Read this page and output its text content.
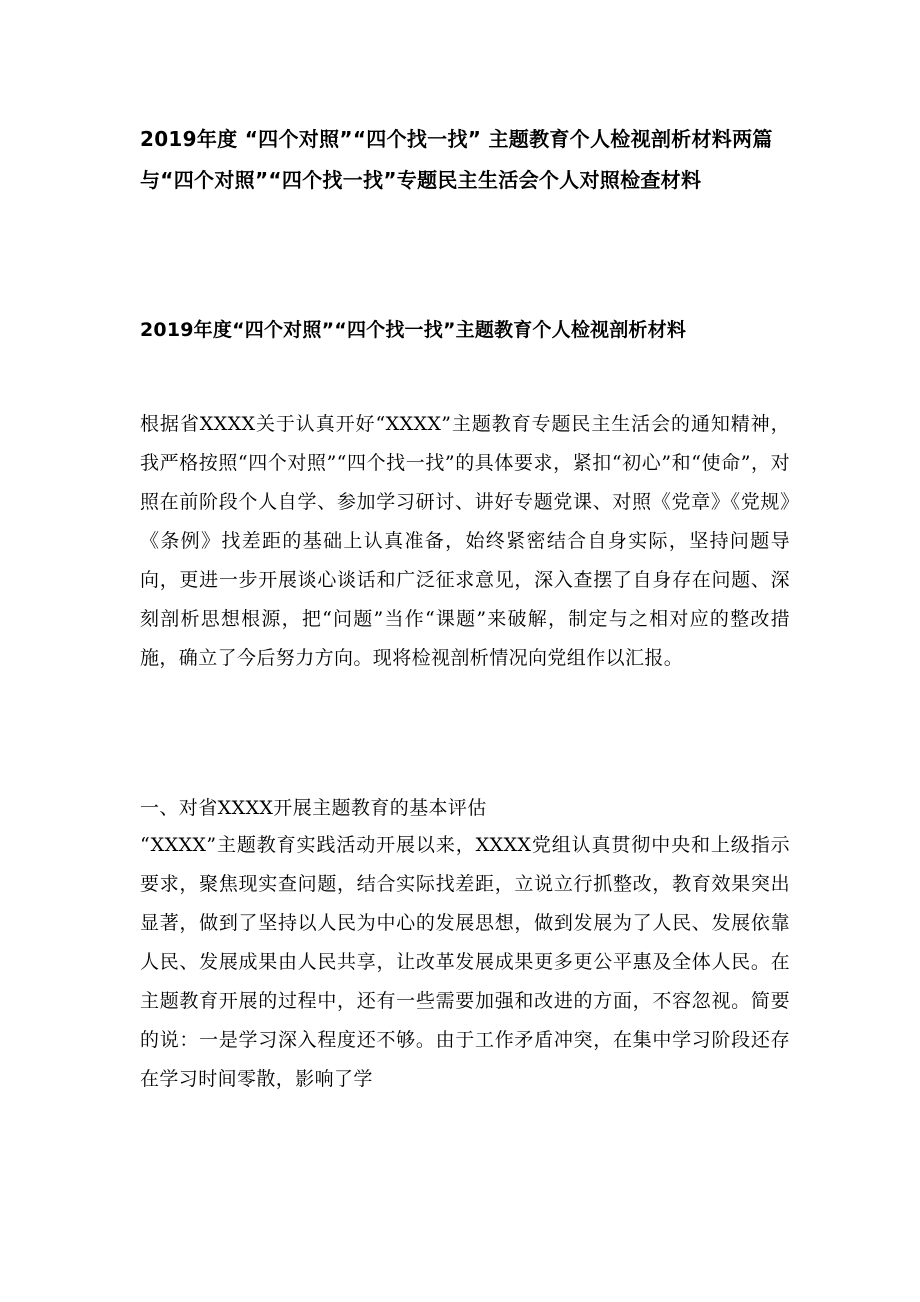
2019年度 “四个对照”“四个找一找” 主题教育个人检视剖析材料两篇与“四个对照”“四个找一找”专题民主生活会个人对照检查材料
2019年度“四个对照”“四个找一找”主题教育个人检视剖析材料

根据省XXXX关于认真开好“XXXX”主题教育专题民主生活会的通知精神，我严格按照“四个对照”“四个找一找”的具体要求，紧扣“初心”和“使命”，对照在前阶段个人自学、参加学习研讨、讲好专题党课、对照《党章》《党规》《条例》找差距的基础上认真准备，始终紧密结合自身实际，坚持问题导向，更进一步开展谈心谈话和广泛征求意见，深入查摆了自身存在问题、深刻剖析思想根源，把“问题”当作“课题”来破解，制定与之相对应的整改措施，确立了今后努力方向。现将检视剖析情况向党组作以汇报。

一、对省XXXX开展主题教育的基本评估

“XXXX”主题教育实践活动开展以来，XXXX党组认真贯彻中央和上级指示要求，聚焦现实查问题，结合实际找差距，立说立行抓整改，教育效果突出显著，做到了坚持以人民为中心的发展思想，做到发展为了人民、发展依靠人民、发展成果由人民共享，让改革发展成果更多更公平惠及全体人民。在主题教育开展的过程中，还有一些需要加强和改进的方面，不容忽视。简要的说：一是学习深入程度还不够。由于工作矛盾冲突，在集中学习阶段还存在学习时间零散，影响了学
